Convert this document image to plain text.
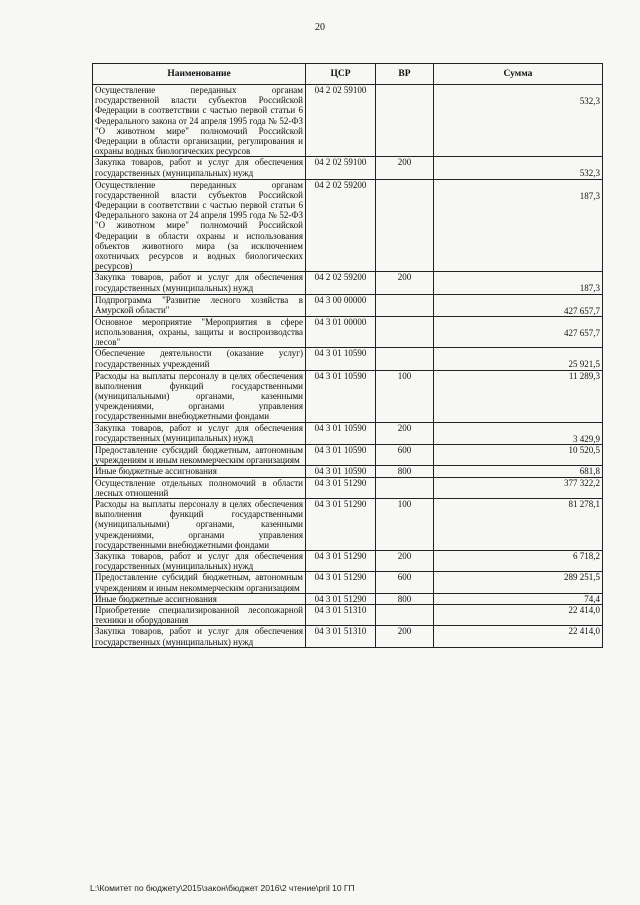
20
Наименование	ЦСР	ВР	Сумма
Осуществление переданных органам государственной власти субъектов Российской Федерации в соответствии с частью первой статьи 6 Федерального закона от 24 апреля 1995 года № 52-ФЗ "О животном мире" полномочий Российской Федерации в области организации, регулирования и охраны водных биологических ресурсов	04 2 02 59100		532,3
Закупка товаров, работ и услуг для обеспечения государственных (муниципальных) нужд	04 2 02 59100	200	532,3
Осуществление переданных органам государственной власти субъектов Российской Федерации в соответствии с частью первой статьи 6 Федерального закона от 24 апреля 1995 года № 52-ФЗ "О животном мире" полномочий Российской Федерации в области охраны и использования объектов животного мира (за исключением охотничьих ресурсов и водных биологических ресурсов)	04 2 02 59200		187,3
Закупка товаров, работ и услуг для обеспечения государственных (муниципальных) нужд	04 2 02 59200	200	187,3
Подпрограмма "Развитие лесного хозяйства в Амурской области"	04 3 00 00000		427 657,7
Основное мероприятие "Мероприятия в сфере использования, охраны, защиты и воспроизводства лесов"	04 3 01 00000		427 657,7
Обеспечение деятельности (оказание услуг) государственных учреждений	04 3 01 10590		25 921,5
Расходы на выплаты персоналу в целях обеспечения выполнения функций государственными (муниципальными) органами, казенными учреждениями, органами управления государственными внебюджетными фондами	04 3 01 10590	100	11 289,3
Закупка товаров, работ и услуг для обеспечения государственных (муниципальных) нужд	04 3 01 10590	200	3 429,9
Предоставление субсидий бюджетным, автономным учреждениям и иным некоммерческим организациям	04 3 01 10590	600	10 520,5
Иные бюджетные ассигнования	04 3 01 10590	800	681,8
Осуществление отдельных полномочий в области лесных отношений	04 3 01 51290		377 322,2
Расходы на выплаты персоналу в целях обеспечения выполнения функций государственными (муниципальными) органами, казенными учреждениями, органами управления государственными внебюджетными фондами	04 3 01 51290	100	81 278,1
Закупка товаров, работ и услуг для обеспечения государственных (муниципальных) нужд	04 3 01 51290	200	6 718,2
Предоставление субсидий бюджетным, автономным учреждениям и иным некоммерческим организациям	04 3 01 51290	600	289 251,5
Иные бюджетные ассигнования	04 3 01 51290	800	74,4
Приобретение специализированной лесопожарной техники и оборудования	04 3 01 51310		22 414,0
Закупка товаров, работ и услуг для обеспечения государственных (муниципальных) нужд	04 3 01 51310	200	22 414,0
L:\Комитет по бюджету\2015\закон\бюджет 2016\2 чтение\pril 10 ГП
